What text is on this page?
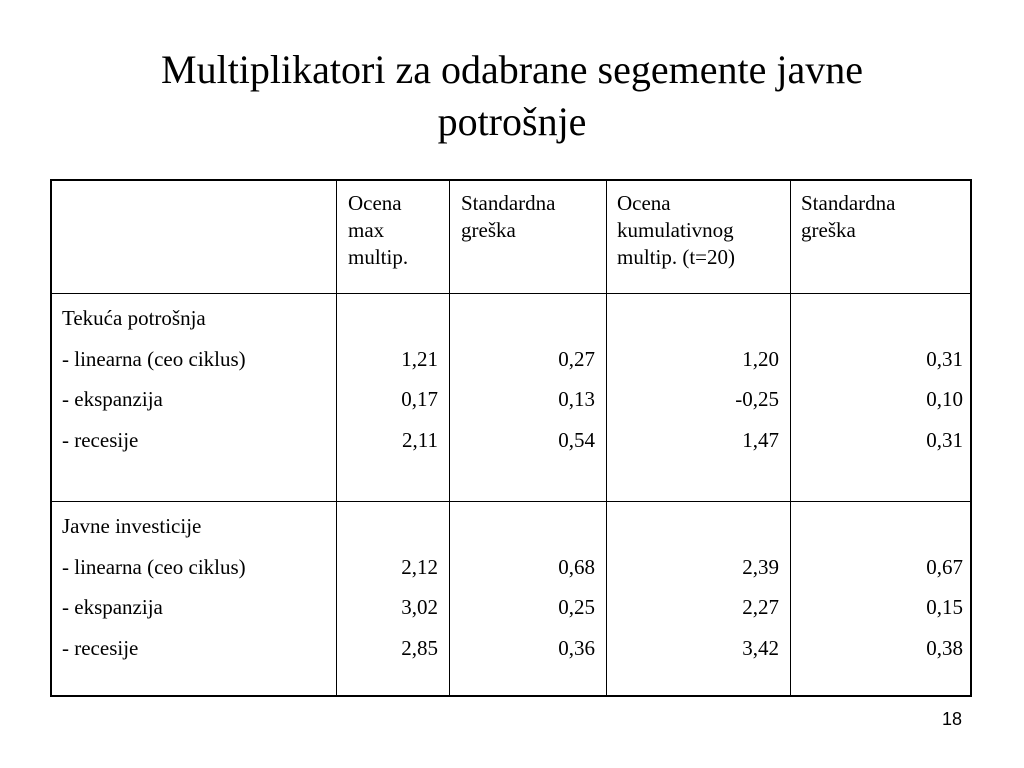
Multiplikatori za odabrane segemente javne
potrošnje
Ocena
max
multip.
Standardna
greška
Ocena
kumulativnog
multip. (t=20)
Standardna
greška
Tekuća potrošnja
- linearna (ceo ciklus)
- ekspanzija
- recesije
1,21
0,17
2,11
0,27
0,13
0,54
1,20
-0,25
1,47
0,31
0,10
0,31
Javne investicije
- linearna (ceo ciklus)
- ekspanzija
- recesije
2,12
3,02
2,85
0,68
0,25
0,36
2,39
2,27
3,42
0,67
0,15
0,38
18
